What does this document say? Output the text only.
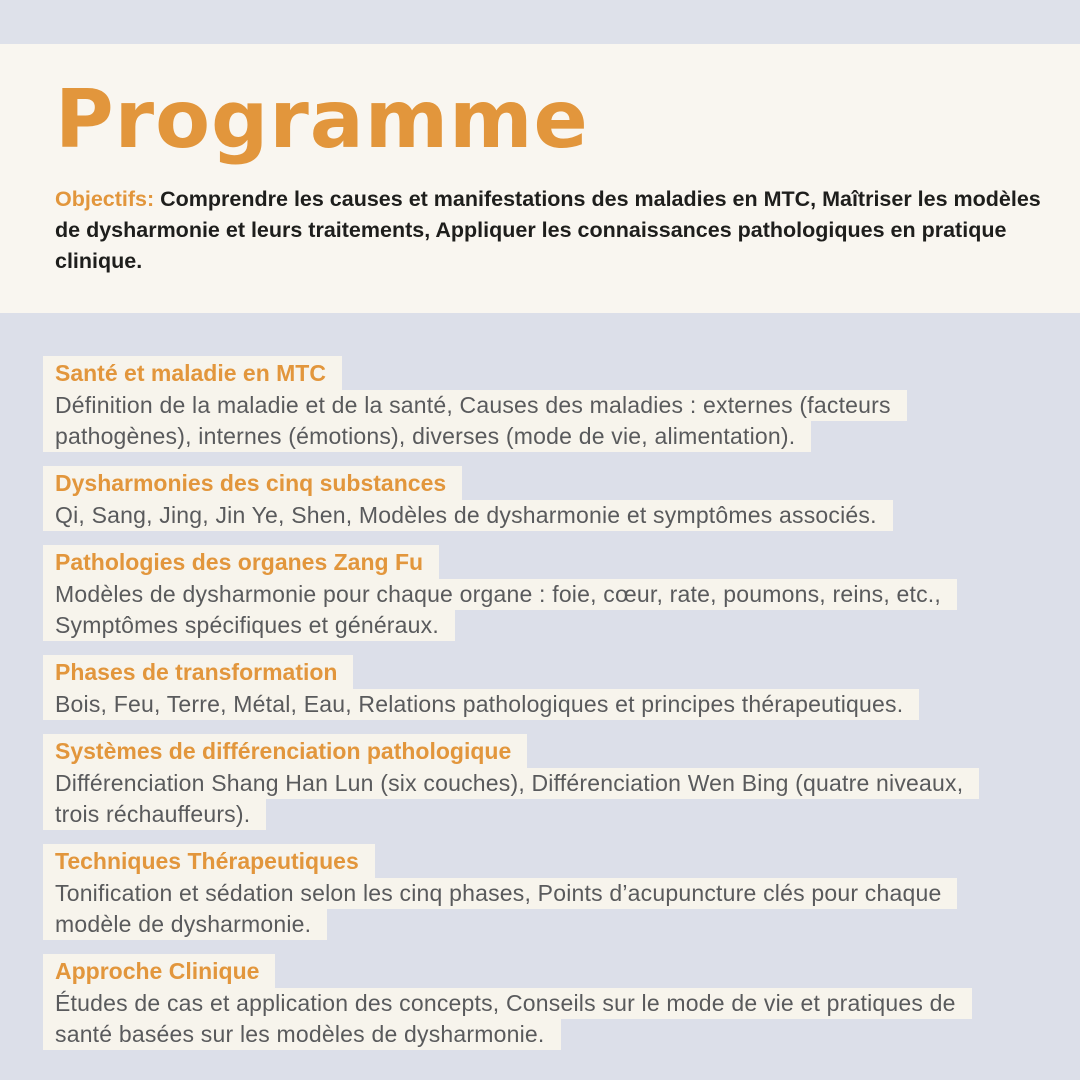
Programme

Objectifs: Comprendre les causes et manifestations des maladies en MTC, Maîtriser les modèles de dysharmonie et leurs traitements, Appliquer les connaissances pathologiques en pratique clinique.

Santé et maladie en MTC
Définition de la maladie et de la santé, Causes des maladies : externes (facteurs
pathogènes), internes (émotions), diverses (mode de vie, alimentation).
Dysharmonies des cinq substances
Qi, Sang, Jing, Jin Ye, Shen, Modèles de dysharmonie et symptômes associés.
Pathologies des organes Zang Fu
Modèles de dysharmonie pour chaque organe : foie, cœur, rate, poumons, reins, etc.,
Symptômes spécifiques et généraux.
Phases de transformation
Bois, Feu, Terre, Métal, Eau, Relations pathologiques et principes thérapeutiques.
Systèmes de différenciation pathologique
Différenciation Shang Han Lun (six couches), Différenciation Wen Bing (quatre niveaux,
trois réchauffeurs).
Techniques Thérapeutiques
Tonification et sédation selon les cinq phases, Points d’acupuncture clés pour chaque
modèle de dysharmonie.
Approche Clinique
Études de cas et application des concepts, Conseils sur le mode de vie et pratiques de
santé basées sur les modèles de dysharmonie.
